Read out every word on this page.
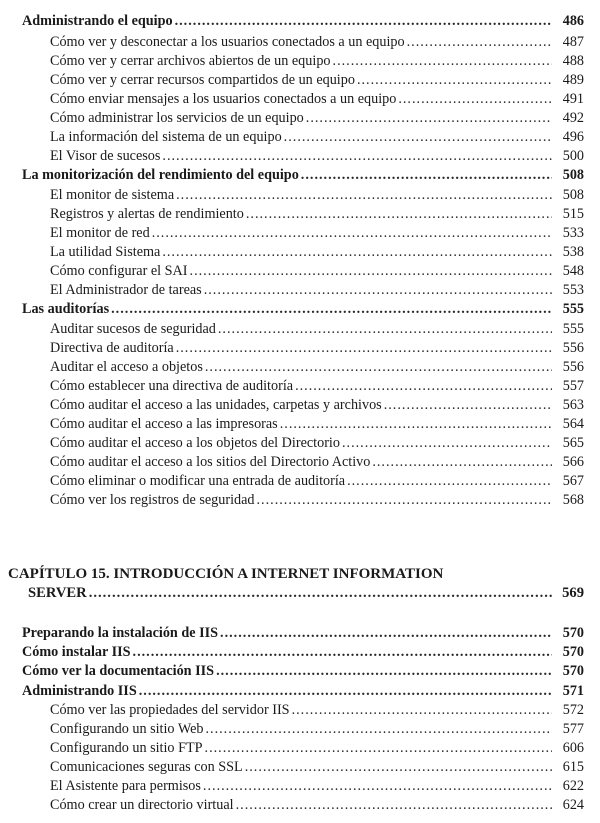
Administrando el equipo .....	486
Cómo ver y desconectar a los usuarios conectados a un equipo .....	487
Cómo ver y cerrar archivos abiertos de un equipo .....	488
Cómo ver y cerrar recursos compartidos de un equipo .....	489
Cómo enviar mensajes a los usuarios conectados a un equipo .....	491
Cómo administrar los servicios de un equipo .....	492
La información del sistema de un equipo .....	496
El Visor de sucesos .....	500
La monitorización del rendimiento del equipo .....	508
El monitor de sistema .....	508
Registros y alertas de rendimiento .....	515
El monitor de red .....	533
La utilidad Sistema .....	538
Cómo configurar el SAI .....	548
El Administrador de tareas .....	553
Las auditorías .....	555
Auditar sucesos de seguridad .....	555
Directiva de auditoría .....	556
Auditar el acceso a objetos .....	556
Cómo establecer una directiva de auditoría .....	557
Cómo auditar el acceso a las unidades, carpetas y archivos .....	563
Cómo auditar el acceso a las impresoras .....	564
Cómo auditar el acceso a los objetos del Directorio .....	565
Cómo auditar el acceso a los sitios del Directorio Activo .....	566
Cómo eliminar o modificar una entrada de auditoría .....	567
Cómo ver los registros de seguridad .....	568
CAPÍTULO 15. INTRODUCCIÓN A INTERNET INFORMATION
SERVER .....	569
Preparando la instalación de IIS .....	570
Cómo instalar IIS .....	570
Cómo ver la documentación IIS .....	570
Administrando IIS .....	571
Cómo ver las propiedades del servidor IIS .....	572
Configurando un sitio Web .....	577
Configurando un sitio FTP .....	606
Comunicaciones seguras con SSL .....	615
El Asistente para permisos .....	622
Cómo crear un directorio virtual .....	624
